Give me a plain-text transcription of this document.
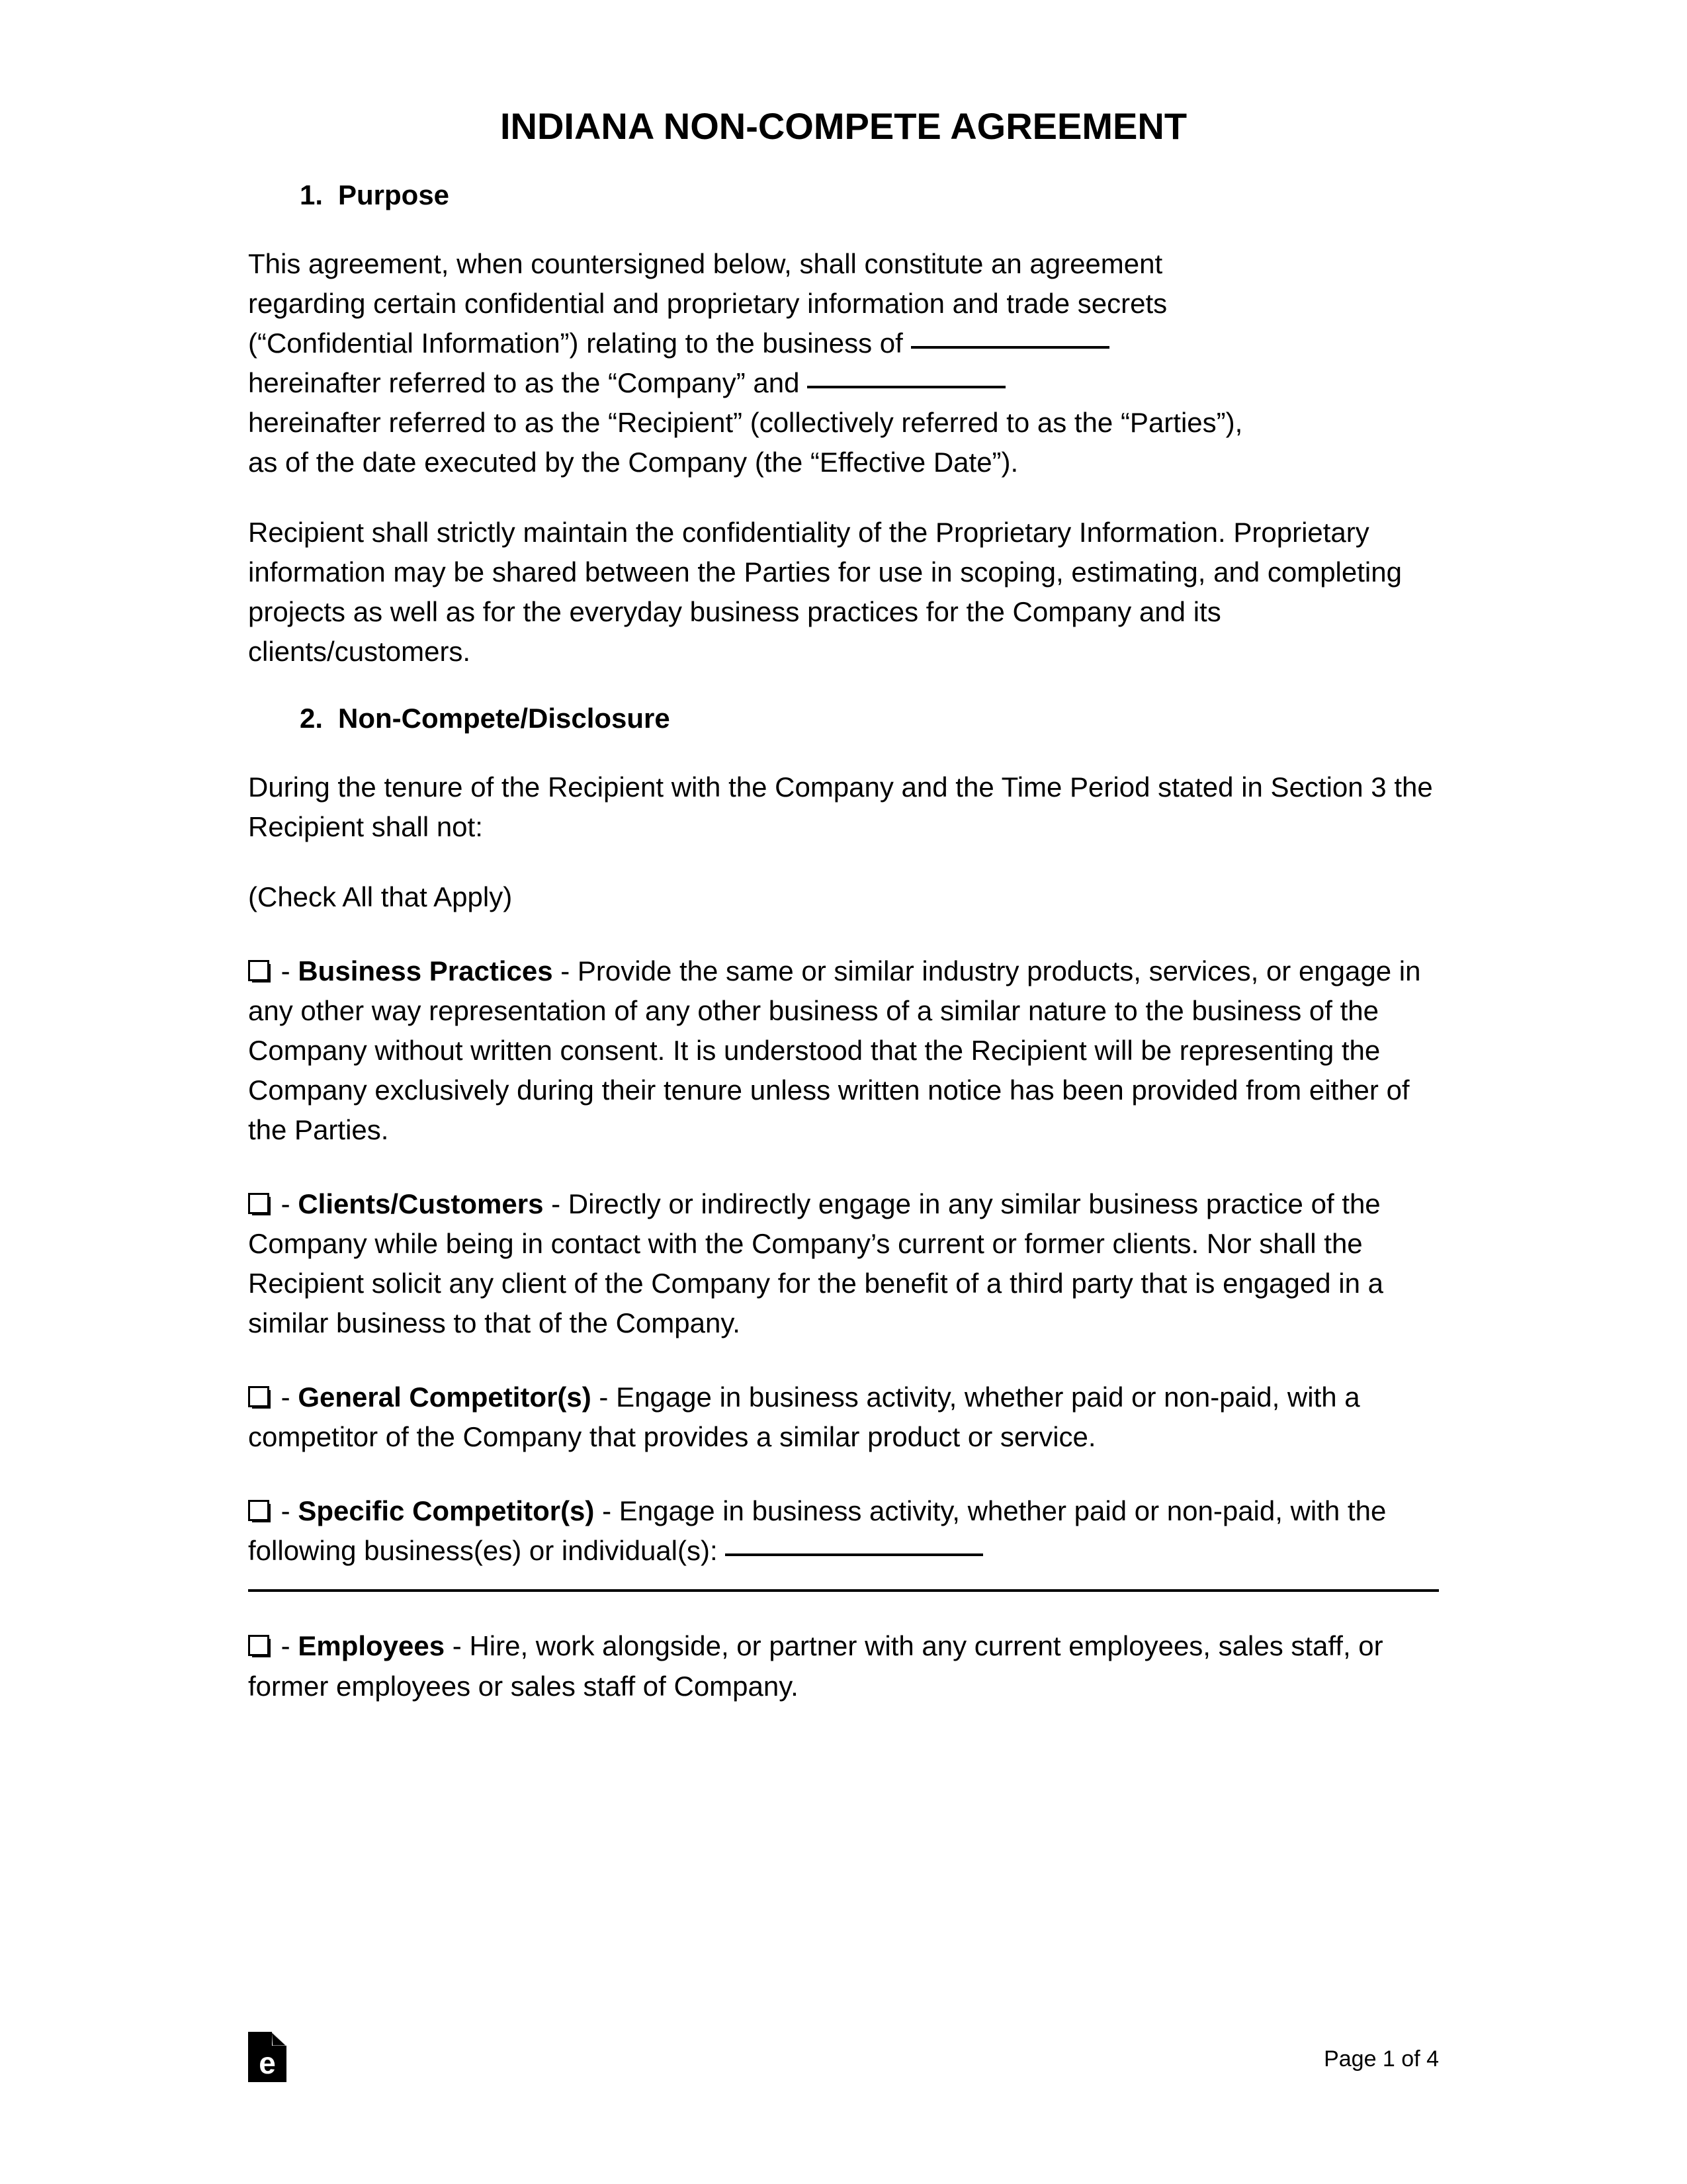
INDIANA NON-COMPETE AGREEMENT
1. Purpose

This agreement, when countersigned below, shall constitute an agreement
regarding certain confidential and proprietary information and trade secrets
(“Confidential Information”) relating to the business of
hereinafter referred to as the “Company” and
hereinafter referred to as the “Recipient” (collectively referred to as the “Parties”),
as of the date executed by the Company (the “Effective Date”).

Recipient shall strictly maintain the confidentiality of the Proprietary Information. Proprietary information may be shared between the Parties for use in scoping, estimating, and completing projects as well as for the everyday business practices for the Company and its clients/customers.

2. Non-Compete/Disclosure

During the tenure of the Recipient with the Company and the Time Period stated in Section 3 the Recipient shall not:

(Check All that Apply)

- Business Practices - Provide the same or similar industry products, services, or engage in any other way representation of any other business of a similar nature to the business of the Company without written consent. It is understood that the Recipient will be representing the Company exclusively during their tenure unless written notice has been provided from either of the Parties.

- Clients/Customers - Directly or indirectly engage in any similar business practice of the Company while being in contact with the Company’s current or former clients. Nor shall the Recipient solicit any client of the Company for the benefit of a third party that is engaged in a similar business to that of the Company.

- General Competitor(s) - Engage in business activity, whether paid or non-paid, with a competitor of the Company that provides a similar product or service.

- Specific Competitor(s) - Engage in business activity, whether paid or non-paid, with the following business(es) or individual(s):

- Employees - Hire, work alongside, or partner with any current employees, sales staff, or former employees or sales staff of Company.

e	Page 1 of 4
